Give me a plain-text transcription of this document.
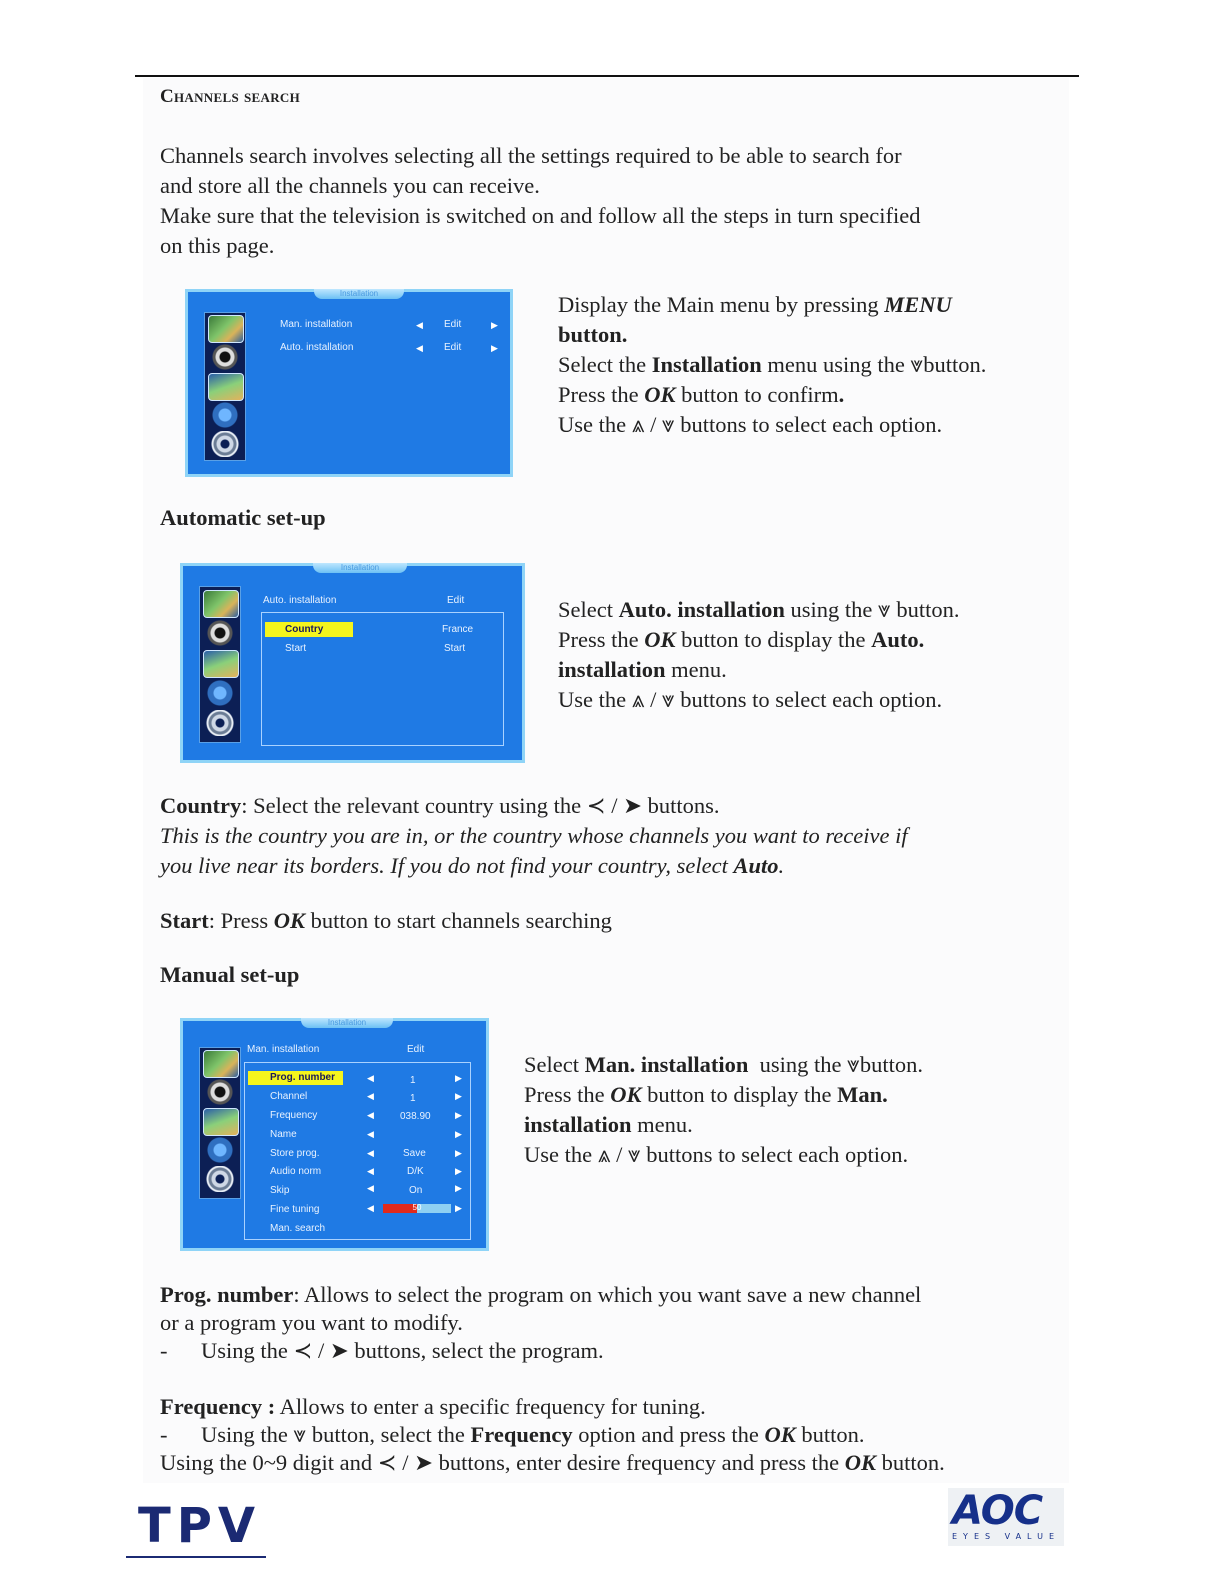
Channels search
Channels search involves selecting all the settings required to be able to search for
and store all the channels you can receive.
Make sure that the television is switched on and follow all the steps in turn specified
on this page.
Installation
Man. installation	◀ Edit	▶
Auto. installation	◀ Edit	▶
Display the Main menu by pressing MENU
button.
Select the Installation menu using the ⩔button.
Press the OK button to confirm.
Use the ⩓ / ⩔ buttons to select each option.
Automatic set-up
Installation
Auto. installation	Edit
Country	France
Start	Start
Select Auto. installation using the ⩔ button.
Press the OK button to display the Auto.
installation menu.
Use the ⩓ / ⩔ buttons to select each option.
Country: Select the relevant country using the ≺ / ➤ buttons.
This is the country you are in, or the country whose channels you want to receive if
you live near its borders. If you do not find your country, select Auto.
Start: Press OK button to start channels searching
Manual set-up
Installation
Man. installation	Edit
Prog. number	◀	1	▶
Channel	◀	1	▶
Frequency	◀	038.90	▶
Name	◀	▶
Store prog.	◀	Save	▶
Audio norm	◀	D/K	▶
Skip	◀	On	▶
Fine tuning	◀	50	▶
Man. search
Select Man. installation  using the ⩔button.
Press the OK button to display the Man.
installation menu.
Use the ⩓ / ⩔ buttons to select each option.
Prog. number: Allows to select the program on which you want save a new channel
or a program you want to modify.
- Using the ≺ / ➤ buttons, select the program.
Frequency : Allows to enter a specific frequency for tuning.
- Using the ⩔ button, select the Frequency option and press the OK button.
Using the 0~9 digit and ≺ / ➤ buttons, enter desire frequency and press the OK button.
TPV	AOC
EYES VALUE
